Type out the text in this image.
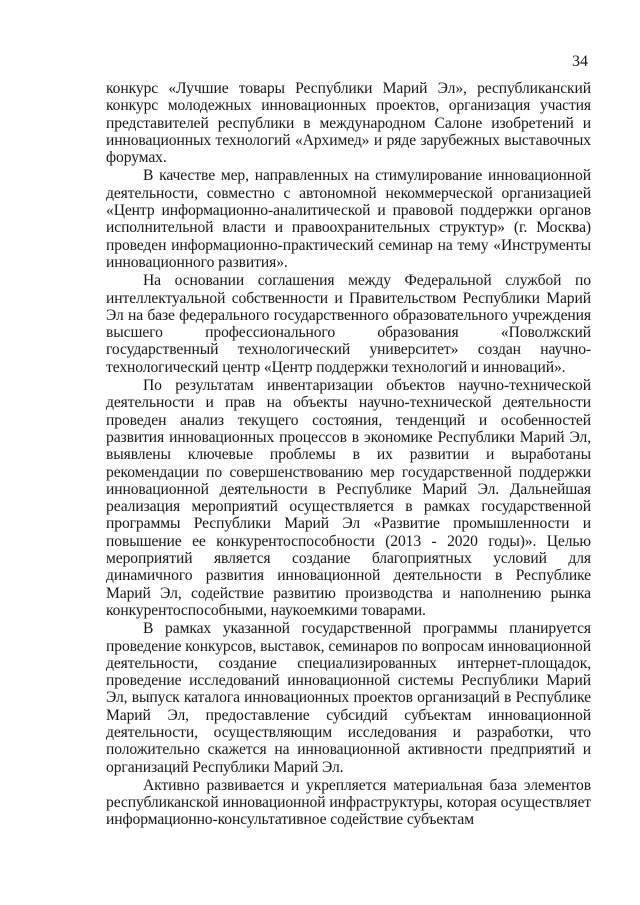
34

конкурс «Лучшие товары Республики Марий Эл», республиканский конкурс молодежных инновационных проектов, организация участия представителей республики в международном Салоне изобретений и инновационных технологий «Архимед» и ряде зарубежных выставочных форумах.

В качестве мер, направленных на стимулирование инновационной деятельности, совместно с автономной некоммерческой организацией «Центр информационно-аналитической и правовой поддержки органов исполнительной власти и правоохранительных структур» (г. Москва) проведен информационно-практический семинар на тему «Инструменты инновационного развития».

На основании соглашения между Федеральной службой по интеллектуальной собственности и Правительством Республики Марий Эл на базе федерального государственного образовательного учреждения высшего профессионального образования «Поволжский государственный технологический университет» создан научно-технологический центр «Центр поддержки технологий и инноваций».

По результатам инвентаризации объектов научно-технической деятельности и прав на объекты научно-технической деятельности проведен анализ текущего состояния, тенденций и особенностей развития инновационных процессов в экономике Республики Марий Эл, выявлены ключевые проблемы в их развитии и выработаны рекомендации по совершенствованию мер государственной поддержки инновационной деятельности в Республике Марий Эл. Дальнейшая реализация мероприятий осуществляется в рамках государственной программы Республики Марий Эл «Развитие промышленности и повышение ее конкурентоспособности (2013 - 2020 годы)». Целью мероприятий является создание благоприятных условий для динамичного развития инновационной деятельности в Республике Марий Эл, содействие развитию производства и наполнению рынка конкурентоспособными, наукоемкими товарами.

В рамках указанной государственной программы планируется проведение конкурсов, выставок, семинаров по вопросам инновационной деятельности, создание специализированных интернет-площадок, проведение исследований инновационной системы Республики Марий Эл, выпуск каталога инновационных проектов организаций в Республике Марий Эл, предоставление субсидий субъектам инновационной деятельности, осуществляющим исследования и разработки, что положительно скажется на инновационной активности предприятий и организаций Республики Марий Эл.

Активно развивается и укрепляется материальная база элементов республиканской инновационной инфраструктуры, которая осуществляет информационно-консультативное содействие субъектам
